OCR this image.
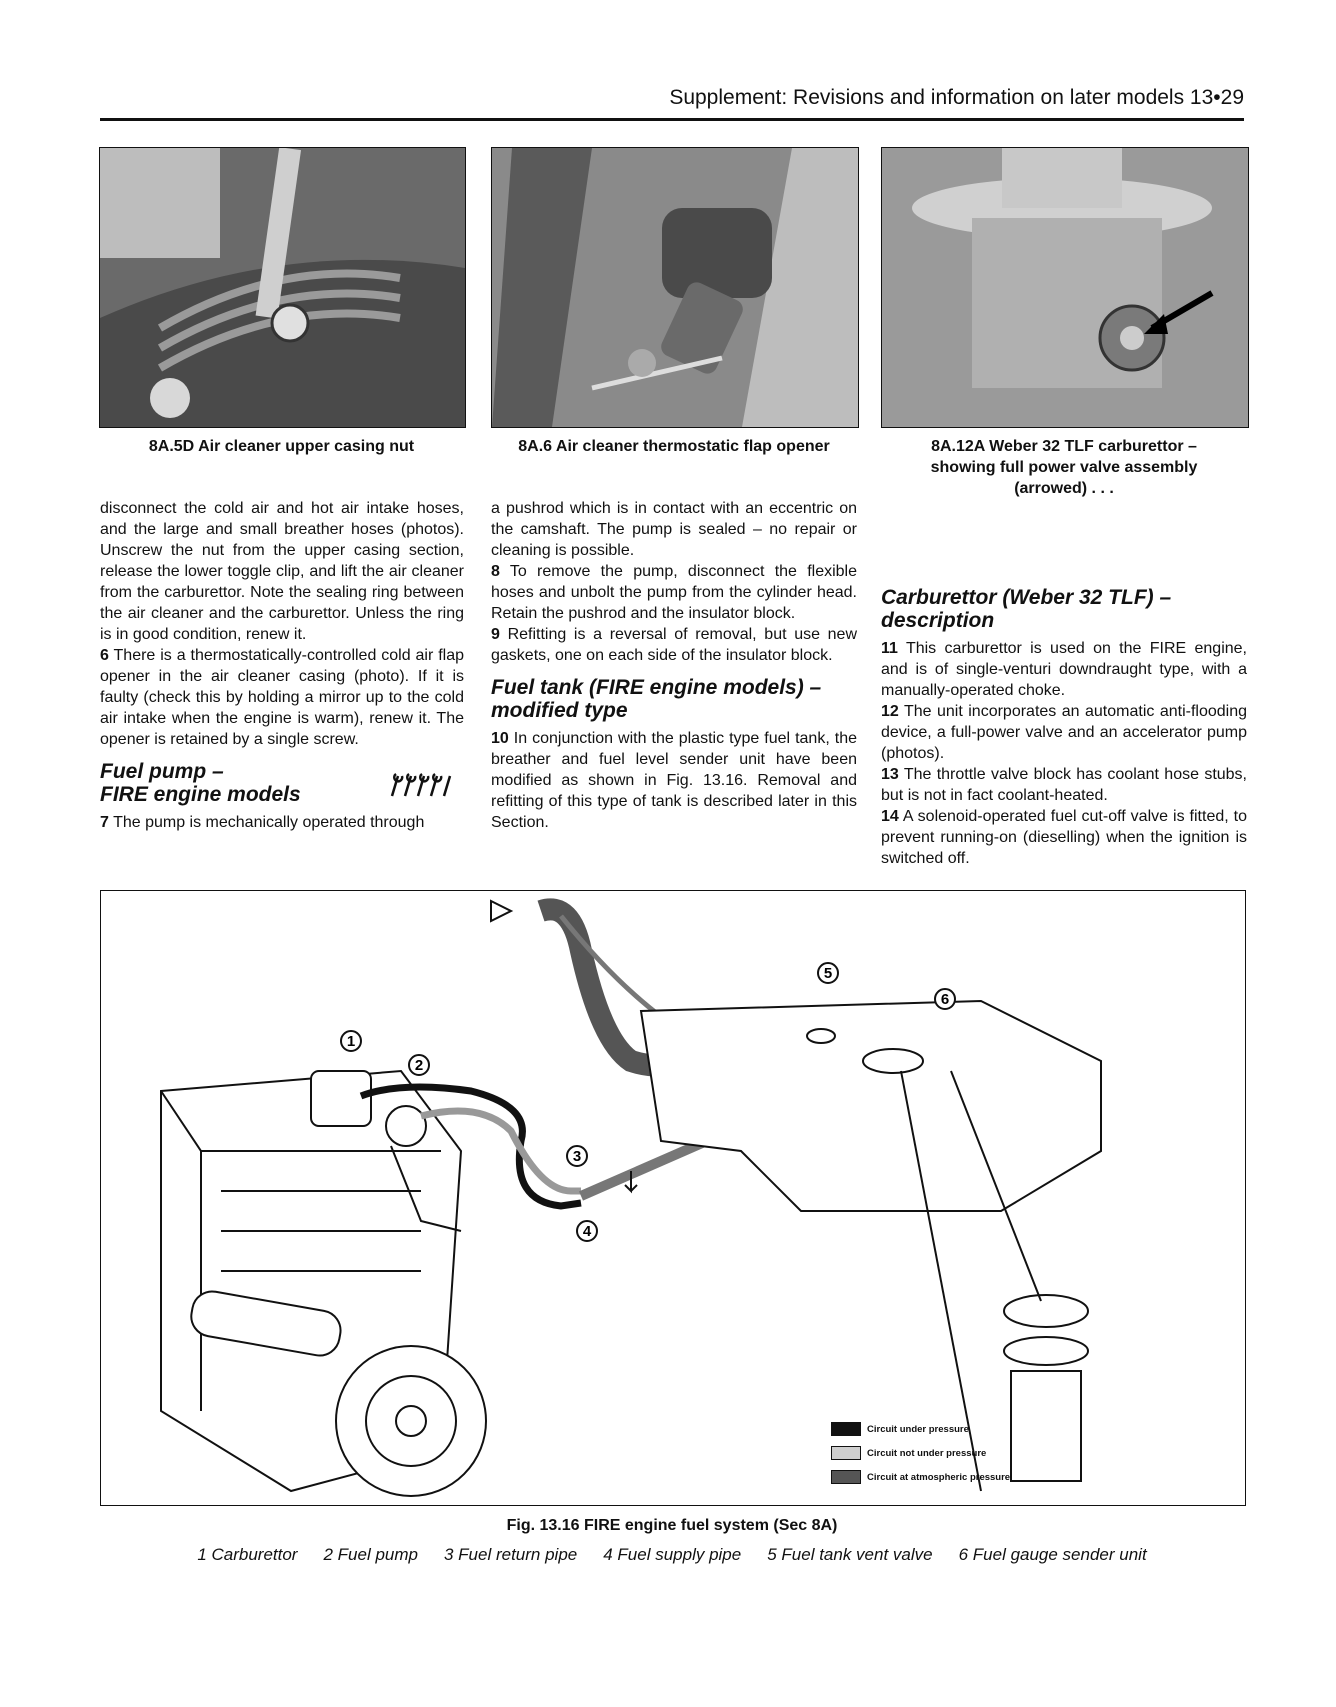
Supplement: Revisions and information on later models 13•29
8A.5D Air cleaner upper casing nut	8A.6 Air cleaner thermostatic flap opener	8A.12A Weber 32 TLF carburettor – showing full power valve assembly (arrowed) . . .

disconnect the cold air and hot air intake hoses, and the large and small breather hoses (photos). Unscrew the nut from the upper casing section, release the lower toggle clip, and lift the air cleaner from the carburettor. Note the sealing ring between the air cleaner and the carburettor. Unless the ring is in good condition, renew it.

6 There is a thermostatically-controlled cold air flap opener in the air cleaner casing (photo). If it is faulty (check this by holding a mirror up to the cold air intake when the engine is warm), renew it. The opener is retained by a single screw.

Fuel pump –
FIRE engine models

7 The pump is mechanically operated through

a pushrod which is in contact with an eccentric on the camshaft. The pump is sealed – no repair or cleaning is possible.

8 To remove the pump, disconnect the flexible hoses and unbolt the pump from the cylinder head. Retain the pushrod and the insulator block.

9 Refitting is a reversal of removal, but use new gaskets, one on each side of the insulator block.

Fuel tank (FIRE engine models) –
modified type

10 In conjunction with the plastic type fuel tank, the breather and fuel level sender unit have been modified as shown in Fig. 13.16. Removal and refitting of this type of tank is described later in this Section.

Carburettor (Weber 32 TLF) –
description

11 This carburettor is used on the FIRE engine, and is of single-venturi downdraught type, with a manually-operated choke.

12 The unit incorporates an automatic anti-flooding device, a full-power valve and an accelerator pump (photos).

13 The throttle valve block has coolant hose stubs, but is not in fact coolant-heated.

14 A solenoid-operated fuel cut-off valve is fitted, to prevent running-on (dieselling) when the ignition is switched off.

1
2
3
4
5
6
Circuit under pressure
Circuit not under pressure
Circuit at atmospheric pressure
Fig. 13.16 FIRE engine fuel system (Sec 8A)
1 Carburettor 2 Fuel pump 3 Fuel return pipe 4 Fuel supply pipe 5 Fuel tank vent valve 6 Fuel gauge sender unit
